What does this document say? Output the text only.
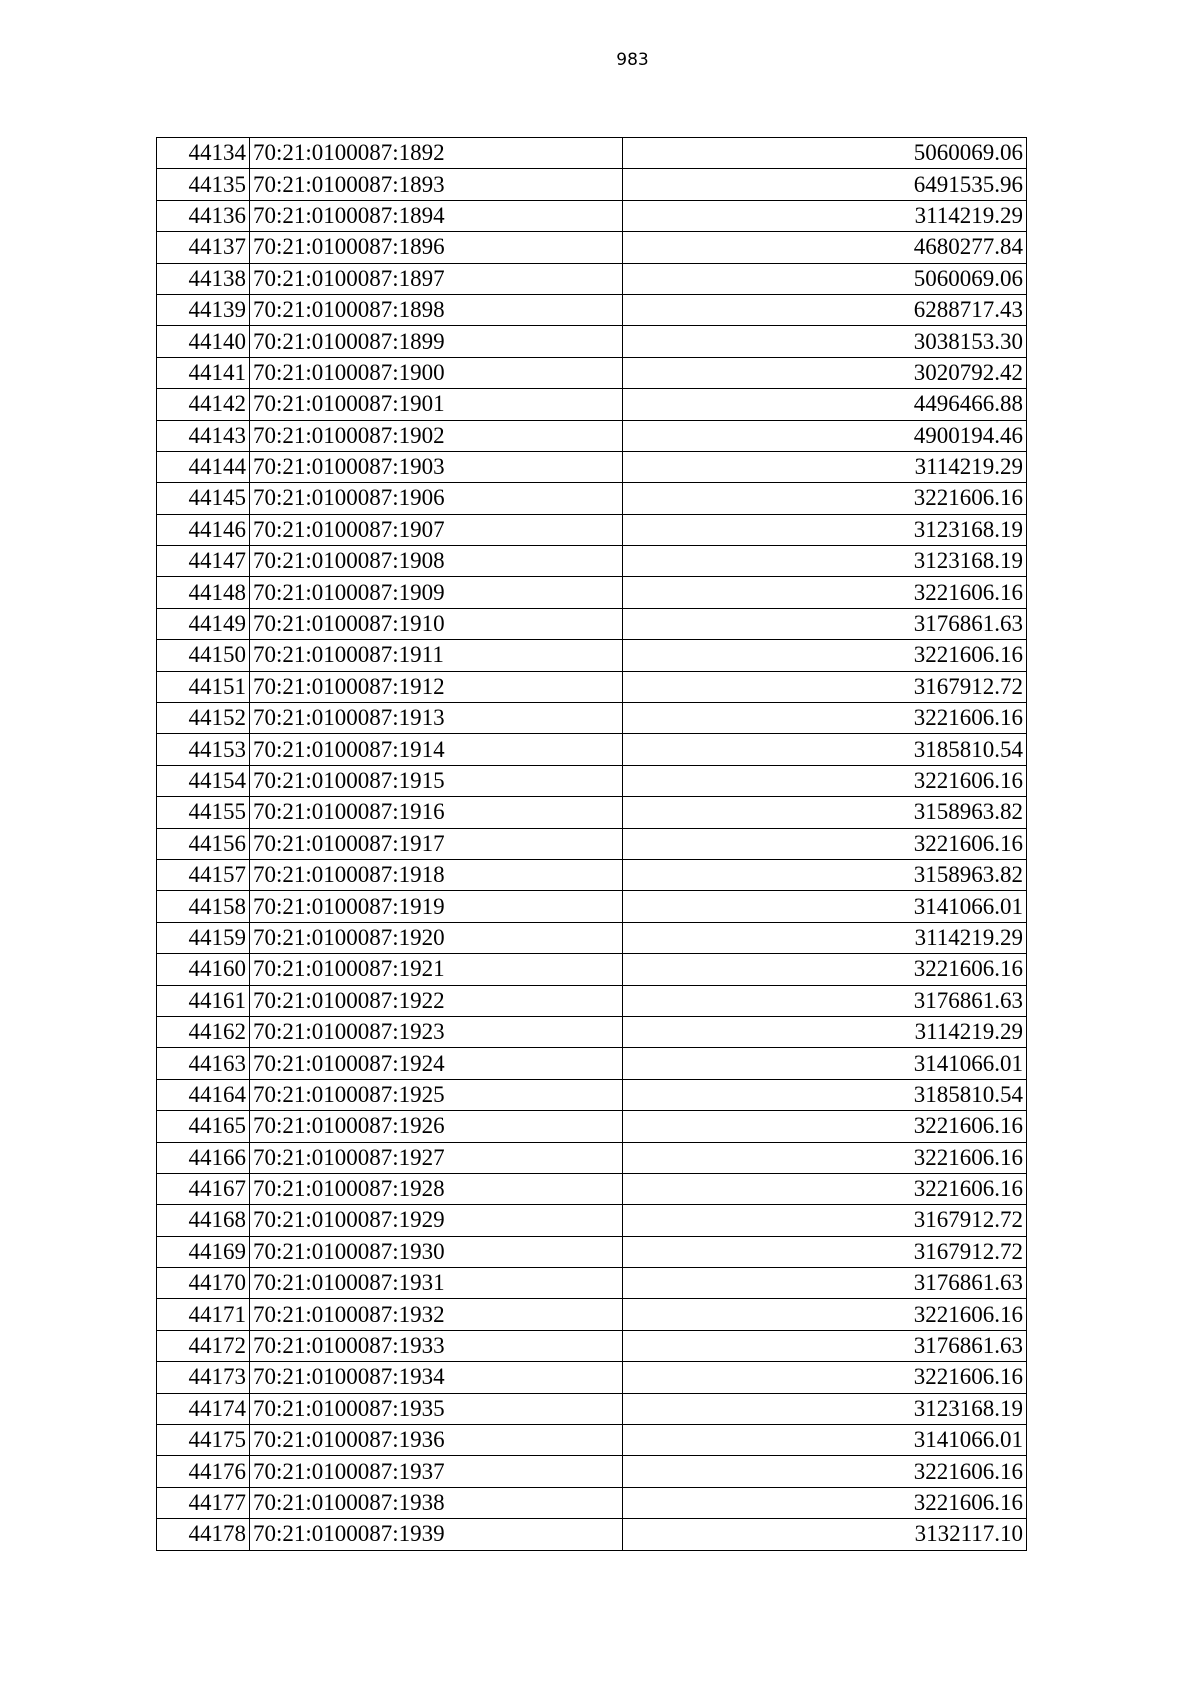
983
44134	70:21:0100087:1892	5060069.06
44135	70:21:0100087:1893	6491535.96
44136	70:21:0100087:1894	3114219.29
44137	70:21:0100087:1896	4680277.84
44138	70:21:0100087:1897	5060069.06
44139	70:21:0100087:1898	6288717.43
44140	70:21:0100087:1899	3038153.30
44141	70:21:0100087:1900	3020792.42
44142	70:21:0100087:1901	4496466.88
44143	70:21:0100087:1902	4900194.46
44144	70:21:0100087:1903	3114219.29
44145	70:21:0100087:1906	3221606.16
44146	70:21:0100087:1907	3123168.19
44147	70:21:0100087:1908	3123168.19
44148	70:21:0100087:1909	3221606.16
44149	70:21:0100087:1910	3176861.63
44150	70:21:0100087:1911	3221606.16
44151	70:21:0100087:1912	3167912.72
44152	70:21:0100087:1913	3221606.16
44153	70:21:0100087:1914	3185810.54
44154	70:21:0100087:1915	3221606.16
44155	70:21:0100087:1916	3158963.82
44156	70:21:0100087:1917	3221606.16
44157	70:21:0100087:1918	3158963.82
44158	70:21:0100087:1919	3141066.01
44159	70:21:0100087:1920	3114219.29
44160	70:21:0100087:1921	3221606.16
44161	70:21:0100087:1922	3176861.63
44162	70:21:0100087:1923	3114219.29
44163	70:21:0100087:1924	3141066.01
44164	70:21:0100087:1925	3185810.54
44165	70:21:0100087:1926	3221606.16
44166	70:21:0100087:1927	3221606.16
44167	70:21:0100087:1928	3221606.16
44168	70:21:0100087:1929	3167912.72
44169	70:21:0100087:1930	3167912.72
44170	70:21:0100087:1931	3176861.63
44171	70:21:0100087:1932	3221606.16
44172	70:21:0100087:1933	3176861.63
44173	70:21:0100087:1934	3221606.16
44174	70:21:0100087:1935	3123168.19
44175	70:21:0100087:1936	3141066.01
44176	70:21:0100087:1937	3221606.16
44177	70:21:0100087:1938	3221606.16
44178	70:21:0100087:1939	3132117.10
